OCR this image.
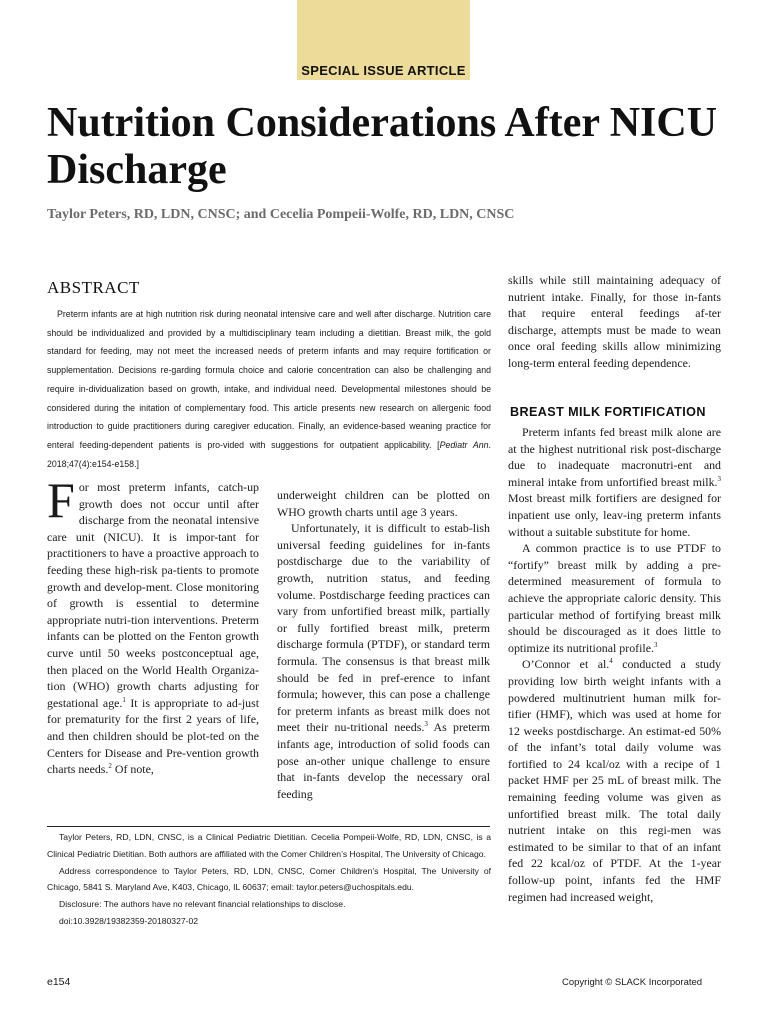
SPECIAL ISSUE ARTICLE
Nutrition Considerations After NICU Discharge
Taylor Peters, RD, LDN, CNSC; and Cecelia Pompeii-Wolfe, RD, LDN, CNSC
ABSTRACT

Preterm infants are at high nutrition risk during neonatal intensive care and well after discharge. Nutrition care should be individualized and provided by a multidisciplinary team including a dietitian. Breast milk, the gold standard for feeding, may not meet the increased needs of preterm infants and may require fortification or supplementation. Decisions re-garding formula choice and calorie concentration can also be challenging and require in-dividualization based on growth, intake, and individual need. Developmental milestones should be considered during the initation of complementary food. This article presents new research on allergenic food introduction to guide practitioners during caregiver education. Finally, an evidence-based weaning practice for enteral feeding-dependent patients is pro-vided with suggestions for outpatient applicability. [Pediatr Ann. 2018;47(4):e154-e158.]

For most preterm infants, catch-up growth does not occur until after discharge from the neonatal intensive care unit (NICU). It is impor-tant for practitioners to have a proactive approach to feeding these high-risk pa-tients to promote growth and develop-ment. Close monitoring of growth is essential to determine appropriate nutri-tion interventions. Preterm infants can be plotted on the Fenton growth curve until 50 weeks postconceptual age, then placed on the World Health Organiza-tion (WHO) growth charts adjusting for gestational age.$^1$ It is appropriate to ad-just for prematurity for the first 2 years of life, and then children should be plot-ted on the Centers for Disease and Pre-vention growth charts needs.$^2$ Of note,

underweight children can be plotted on WHO growth charts until age 3 years.

Unfortunately, it is difficult to estab-lish universal feeding guidelines for in-fants postdischarge due to the variability of growth, nutrition status, and feeding volume. Postdischarge feeding practices can vary from unfortified breast milk, partially or fully fortified breast milk, preterm discharge formula (PTDF), or standard term formula. The consensus is that breast milk should be fed in pref-erence to infant formula; however, this can pose a challenge for preterm infants as breast milk does not meet their nu-tritional needs.$^3$ As preterm infants age, introduction of solid foods can pose an-other unique challenge to ensure that in-fants develop the necessary oral feeding

skills while still maintaining adequacy of nutrient intake. Finally, for those in-fants that require enteral feedings af-ter discharge, attempts must be made to wean once oral feeding skills allow minimizing long-term enteral feeding dependence.

BREAST MILK FORTIFICATION

Preterm infants fed breast milk alone are at the highest nutritional risk post-discharge due to inadequate macronutri-ent and mineral intake from unfortified breast milk.$^3$ Most breast milk fortifiers are designed for inpatient use only, leav-ing preterm infants without a suitable substitute for home.

A common practice is to use PTDF to “fortify” breast milk by adding a pre-determined measurement of formula to achieve the appropriate caloric density. This particular method of fortifying breast milk should be discouraged as it does little to optimize its nutritional profile.$^3$

O’Connor et al.$^4$ conducted a study providing low birth weight infants with a powdered multinutrient human milk for-tifier (HMF), which was used at home for 12 weeks postdischarge. An estimat-ed 50% of the infant’s total daily volume was fortified to 24 kcal/oz with a recipe of 1 packet HMF per 25 mL of breast milk. The remaining feeding volume was given as unfortified breast milk. The total daily nutrient intake on this regi-men was estimated to be similar to that of an infant fed 22 kcal/oz of PTDF. At the 1-year follow-up point, infants fed the HMF regimen had increased weight,

Taylor Peters, RD, LDN, CNSC, is a Clinical Pediatric Dietitian. Cecelia Pompeii-Wolfe, RD, LDN, CNSC, is a Clinical Pediatric Dietitian. Both authors are affiliated with the Comer Children’s Hospital, The University of Chicago.

Address correspondence to Taylor Peters, RD, LDN, CNSC, Comer Children’s Hospital, The University of Chicago, 5841 S. Maryland Ave, K403, Chicago, IL 60637; email: taylor.peters@uchospitals.edu.

Disclosure: The authors have no relevant financial relationships to disclose.

doi:10.3928/19382359-20180327-02

e154	Copyright © SLACK Incorporated
